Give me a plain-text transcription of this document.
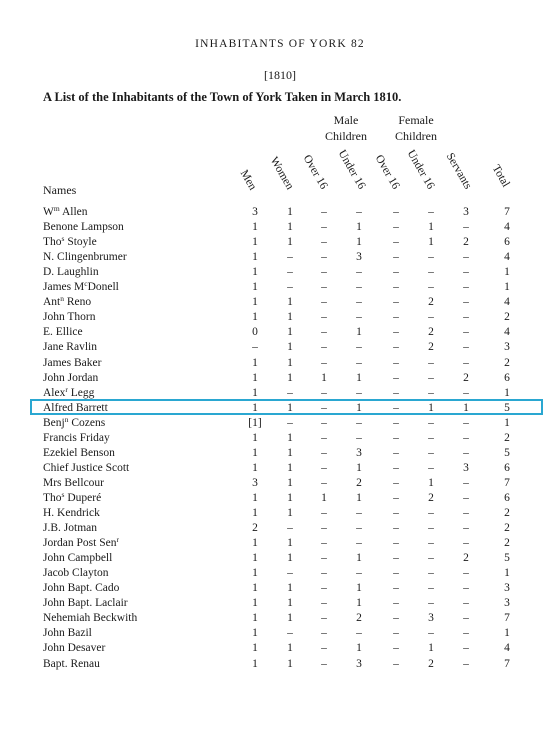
INHABITANTS OF YORK 82
[1810]
A List of the Inhabitants of the Town of York Taken in March 1810.
Male Children
Female Children
Men Women Over 16 Under 16 Over 16 Under 16 Servants Total
Names
$W^m$ Allen	3	1	–	–	–	–	3	7
Benone Lampson	1	1	–	1	–	1	–	4
Tho$^s$ Stoyle	1	1	–	1	–	1	2	6
N. Clingenbrumer	1	–	–	3	–	–	–	4
D. Laughlin	1	–	–	–	–	–	–	1
James $M^cDonell$	1	–	–	–	–	–	–	1
Ant$^n$ Reno	1	1	–	–	–	2	–	4
John Thorn	1	1	–	–	–	–	–	2
E. Ellice	0	1	–	1	–	2	–	4
Jane Ravlin	–	1	–	–	–	2	–	3
James Baker	1	1	–	–	–	–	–	2
John Jordan	1	1	1	1	–	–	2	6
Alex$^r$ Legg	1	–	–	–	–	–	–	1
Alfred Barrett	1	1	–	1	–	1	1	5
Benj$^n$ Cozens	[1]	–	–	–	–	–	–	1
Francis Friday	1	1	–	–	–	–	–	2
Ezekiel Benson	1	1	–	3	–	–	–	5
Chief Justice Scott	1	1	–	1	–	–	3	6
Mrs Bellcour	3	1	–	2	–	1	–	7
Tho$^s$ Duperé	1	1	1	1	–	2	–	6
H. Kendrick	1	1	–	–	–	–	–	2
J.B. Jotman	2	–	–	–	–	–	–	2
Jordan Post Sen$^r$	1	1	–	–	–	–	–	2
John Campbell	1	1	–	1	–	–	2	5
Jacob Clayton	1	–	–	–	–	–	–	1
John Bapt. Cado	1	1	–	1	–	–	–	3
John Bapt. Laclair	1	1	–	1	–	–	–	3
Nehemiah Beckwith	1	1	–	2	–	3	–	7
John Bazil	1	–	–	–	–	–	–	1
John Desaver	1	1	–	1	–	1	–	4
Bapt. Renau	1	1	–	3	–	2	–	7
